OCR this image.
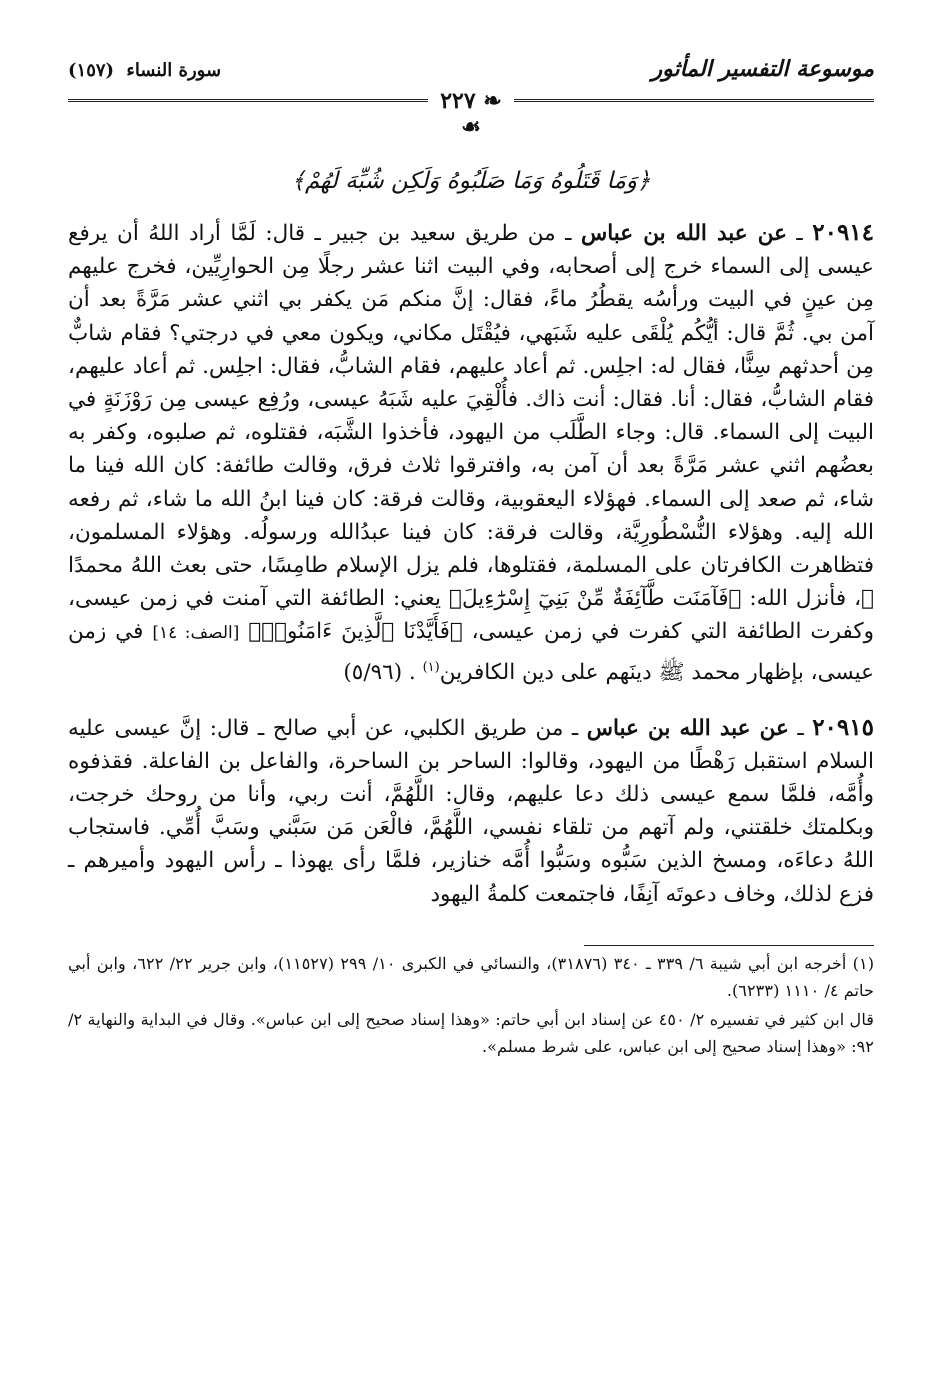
موسوعة التفسير المأثور
سورة النساء (١٥٧)
❧ ٢٢٧ ☙
﴿وَمَا قَتَلُوهُ وَمَا صَلَبُوهُ وَلَكِن شُبِّهَ لَهُمْ﴾

٢٠٩١٤ ـ عن عبد الله بن عباس ـ من طريق سعيد بن جبير ـ قال: لَمَّا أراد اللهُ أن يرفع عيسى إلى السماء خرج إلى أصحابه، وفي البيت اثنا عشر رجلًا مِن الحوارِيِّين، فخرج عليهم مِن عينٍ في البيت ورأسُه يقطُرُ ماءً، فقال: إنَّ منكم مَن يكفر بي اثني عشر مَرَّةً بعد أن آمن بي. ثُمَّ قال: أيُّكُم يُلْقَى عليه شَبَهي، فيُقْتَل مكاني، ويكون معي في درجتي؟ فقام شابٌّ مِن أحدثهم سِنًّا، فقال له: اجلِس. ثم أعاد عليهم، فقام الشابُّ، فقال: اجلِس. ثم أعاد عليهم، فقام الشابُّ، فقال: أنا. فقال: أنت ذاك. فأُلْقِيَ عليه شَبَهُ عيسى، ورُفِع عيسى مِن رَوْزَنَةٍ في البيت إلى السماء. قال: وجاء الطَّلَب من اليهود، فأخذوا الشَّبَه، فقتلوه، ثم صلبوه، وكفر به بعضُهم اثني عشر مَرَّةً بعد أن آمن به، وافترقوا ثلاث فرق، وقالت طائفة: كان الله فينا ما شاء، ثم صعد إلى السماء. فهؤلاء اليعقوبية، وقالت فرقة: كان فينا ابنُ الله ما شاء، ثم رفعه الله إليه. وهؤلاء النُّسْطُورِيَّة، وقالت فرقة: كان فينا عبدُالله ورسولُه. وهؤلاء المسلمون، فتظاهرت الكافرتان على المسلمة، فقتلوها، فلم يزل الإسلام طامِسًا، حتى بعث اللهُ محمدًا ﷺ، فأنزل الله: ﴿فَآمَنَت طَّآئِفَةٌ مِّنْ بَنِيٓ إِسْرَٰٓءِيلَ﴾ يعني: الطائفة التي آمنت في زمن عيسى، وكفرت الطائفة التي كفرت في زمن عيسى، ﴿فَأَيَّدْنَا ٱلَّذِينَ ءَامَنُوا۟﴾ [الصف: ١٤] في زمن عيسى، بإظهار محمد ﷺ دينَهم على دين الكافرين$^{(١)}$ . (٥/٩٦)

٢٠٩١٥ ـ عن عبد الله بن عباس ـ من طريق الكلبي، عن أبي صالح ـ قال: إنَّ عيسى عليه السلام استقبل رَهْطًا من اليهود، وقالوا: الساحر بن الساحرة، والفاعل بن الفاعلة. فقذفوه وأُمَّه، فلمَّا سمع عيسى ذلك دعا عليهم، وقال: اللَّهُمَّ، أنت ربي، وأنا من روحك خرجت، وبكلمتك خلقتني، ولم آتهم من تلقاء نفسي، اللَّهُمَّ، فالْعَن مَن سَبَّني وسَبَّ أُمِّي. فاستجاب اللهُ دعاءَه، ومسخ الذين سَبُّوه وسَبُّوا أُمَّه خنازير، فلمَّا رأى يهوذا ـ رأس اليهود وأميرهم ـ فزع لذلك، وخاف دعوتَه آنِفًا، فاجتمعت كلمةُ اليهود

(١) أخرجه ابن أبي شيبة ٦/ ٣٣٩ ـ ٣٤٠ (٣١٨٧٦)، والنسائي في الكبرى ١٠/ ٢٩٩ (١١٥٢٧)، وابن جرير ٢٢/ ٦٢٢، وابن أبي حاتم ٤/ ١١١٠ (٦٢٣٣).

قال ابن كثير في تفسيره ٢/ ٤٥٠ عن إسناد ابن أبي حاتم: «وهذا إسناد صحيح إلى ابن عباس». وقال في البداية والنهاية ٢/ ٩٢: «وهذا إسناد صحيح إلى ابن عباس، على شرط مسلم».
